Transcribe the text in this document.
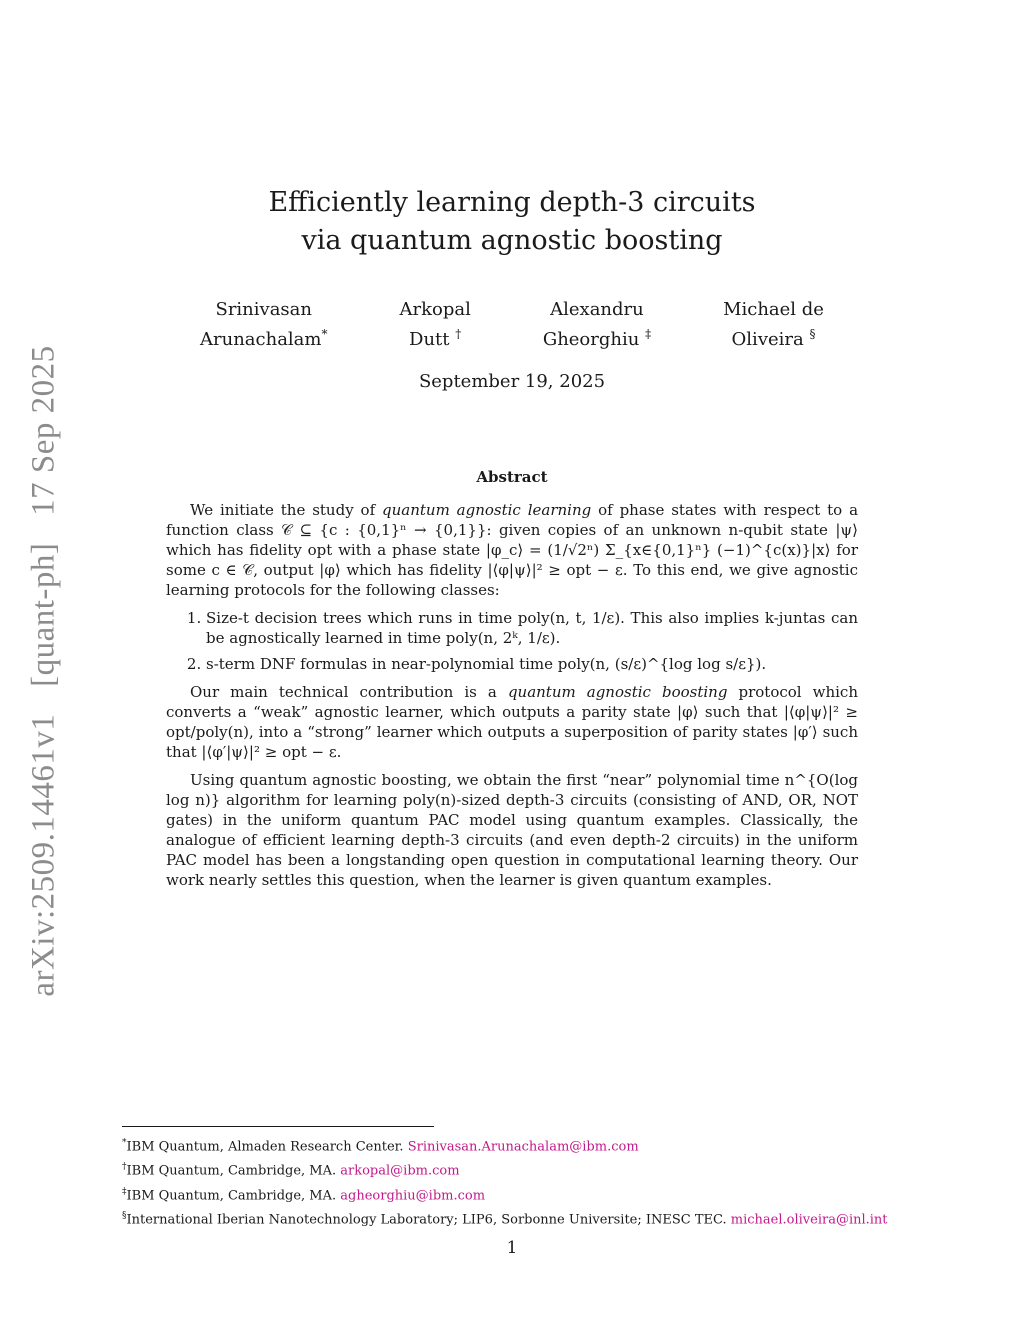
arXiv:2509.14461v1 [quant-ph] 17 Sep 2025
Efficiently learning depth-3 circuits
via quantum agnostic boosting
Srinivasan
Arunachalam*
Arkopal
Dutt †
Alexandru
Gheorghiu ‡
Michael de
Oliveira §
September 19, 2025
Abstract

We initiate the study of quantum agnostic learning of phase states with respect to a function class 𝒞 ⊆ {c : {0,1}ⁿ → {0,1}}: given copies of an unknown n-qubit state |ψ⟩ which has fidelity opt with a phase state |φ_c⟩ = (1/√2ⁿ) Σ_{x∈{0,1}ⁿ} (−1)^{c(x)}|x⟩ for some c ∈ 𝒞, output |φ⟩ which has fidelity |⟨φ|ψ⟩|² ≥ opt − ε. To this end, we give agnostic learning protocols for the following classes:

1. Size-t decision trees which runs in time poly(n, t, 1/ε). This also implies k-juntas can be agnostically learned in time poly(n, 2ᵏ, 1/ε).
2. s-term DNF formulas in near-polynomial time poly(n, (s/ε)^{log log s/ε}).

Our main technical contribution is a quantum agnostic boosting protocol which converts a “weak” agnostic learner, which outputs a parity state |φ⟩ such that |⟨φ|ψ⟩|² ≥ opt/poly(n), into a “strong” learner which outputs a superposition of parity states |φ′⟩ such that |⟨φ′|ψ⟩|² ≥ opt − ε.

Using quantum agnostic boosting, we obtain the first “near” polynomial time n^{O(log log n)} algorithm for learning poly(n)-sized depth-3 circuits (consisting of AND, OR, NOT gates) in the uniform quantum PAC model using quantum examples. Classically, the analogue of efficient learning depth-3 circuits (and even depth-2 circuits) in the uniform PAC model has been a longstanding open question in computational learning theory. Our work nearly settles this question, when the learner is given quantum examples.

*IBM Quantum, Almaden Research Center. Srinivasan.Arunachalam@ibm.com
†IBM Quantum, Cambridge, MA. arkopal@ibm.com
‡IBM Quantum, Cambridge, MA. agheorghiu@ibm.com
§International Iberian Nanotechnology Laboratory; LIP6, Sorbonne Universite; INESC TEC. michael.oliveira@inl.int
1
